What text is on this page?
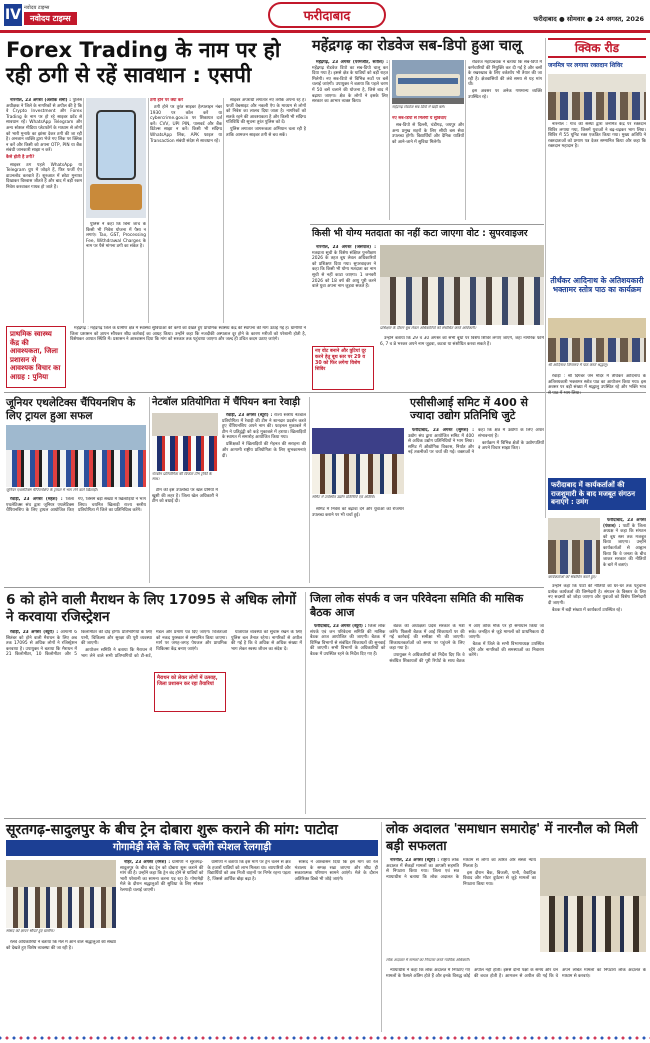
IV नवोदय टाइम्स
नवोदय टाइम्स	फरीदाबाद	फरीदाबाद ● सोमवार ● 24 अगस्त, 2026
Forex Trading के नाम पर हो रही ठगी से रहें सावधान : एसपी

नारनौल, 23 अगस्त (अशोक शर्मा) : पुलिस अधीक्षक ने जिले के नागरिकों से अपील की है कि वे Crypto Investment और Forex Trading के नाम पर हो रहे साइबर फ्रॉड से सावधान रहें। WhatsApp Telegram और अन्य सोशल मीडिया प्लेटफॉर्म के माध्यम से लोगों को भारी मुनाफे का झांसा देकर ठगी की जा रही है। अनजान व्यक्ति द्वारा भेजे गए लिंक पर क्लिक न करें और किसी को अपना OTP, PIN या बैंक संबंधी जानकारी साझा न करें।

कैसे होती है ठगी?

साइबर ठग पहले WhatsApp या Telegram ग्रुप में जोड़ते हैं, फिर फर्जी ऐप डाउनलोड करवाते हैं। शुरुआत में छोटा मुनाफा दिखाकर विश्वास जीतते हैं और बाद में बड़ी रकम निवेश करवाकर गायब हो जाते हैं।

पुलिस ने कहा कि बिना जांच के किसी भी निवेश योजना में पैसा न लगाएं। Tax, GST, Processing Fee, Withdrawal Charges के नाम पर पैसे मांगना ठगी का संकेत है।

ठगी होने पर क्या करें

ठगी होने पर तुरंत साइबर हेल्पलाइन नंबर 1930 पर कॉल करें या cybercrime.gov.in पर शिकायत दर्ज करें। CVV, UPI PIN, पासवर्ड और बैंक डिटेल्स साझा न करें। किसी भी संदिग्ध WhatsApp लिंक, APK फाइल या Transaction संबंधी संदेश से सावधान रहें।

साइबर अपराधी लगातार नए तरीके अपना रहे हैं। फर्जी वेबसाइट और नकली ऐप के माध्यम से लोगों को निवेश का लालच दिया जाता है। नागरिकों को सतर्क रहने की आवश्यकता है और किसी भी संदिग्ध गतिविधि की सूचना तुरंत पुलिस को दें।

पुलिस लगातार जागरूकता अभियान चला रही है ताकि आमजन साइबर ठगी से बच सकें।

प्राथमिक स्वास्थ्य केंद्र की आवश्यकता, जिला प्रशासन से आवश्यक विचार का आग्रह : पुनिया

महेंद्रगढ़ : महेंद्रगढ़ जिले के ग्रामीण क्षेत्र में स्वास्थ्य सुविधाओं की कमी को देखते हुए प्राथमिक स्वास्थ्य केंद्र की स्थापना की मांग उठाई गई है। ग्रामीणों ने जिला प्रशासन को ज्ञापन सौंपकर शीघ्र कार्रवाई का आग्रह किया। उन्होंने कहा कि नजदीकी अस्पताल दूर होने के कारण मरीजों को परेशानी होती है, विशेषकर आपात स्थिति में। प्रशासन ने आश्वासन दिया कि मांग को सरकार तक पहुंचाया जाएगा और जल्द ही उचित कदम उठाए जाएंगे।

महेंद्रगढ़ का रोडवेज सब-डिपो हुआ चालू

महेंद्रगढ़, 23 अगस्त (परमजीत, सतीश) : महेंद्रगढ़ रोडवेज डिपो का सब-डिपो चालू कर दिया गया है। इससे क्षेत्र के यात्रियों को बड़ी राहत मिलेगी। नए सब-डिपो से विभिन्न रूटों पर बसें चलाई जाएंगी। उपायुक्त ने बताया कि पहले चरण में 50 बसें चलाने की योजना है, जिसे बाद में बढ़ाया जाएगा। क्षेत्र के लोगों ने इसके लिए सरकार का आभार व्यक्त किया।

महेंद्रगढ़ रोडवेज सब-डिपो में खड़ी बसें।

नए सब-डिपो से मिलेंगी ये सुविधाएं

सब-डिपो से दिल्ली, चंडीगढ़, जयपुर और अन्य प्रमुख शहरों के लिए सीधी बस सेवा उपलब्ध होगी। विद्यार्थियों और दैनिक यात्रियों को आने-जाने में सुविधा मिलेगी।

रोडवेज महाप्रबंधक ने बताया कि सब-डिपो में कर्मचारियों की नियुक्ति कर दी गई है और बसों के रखरखाव के लिए वर्कशॉप भी तैयार की जा रही है। क्षेत्रवासियों की लंबे समय से यह मांग थी।

इस अवसर पर अनेक गणमान्य व्यक्ति उपस्थित रहे।

क्विक रीड
जनमित्र पर लगाया रक्तदान शिविर

नारनौल : गांव की संस्था द्वारा जनमित्र केंद्र पर रक्तदान शिविर लगाया गया, जिसमें युवाओं ने बढ़-चढ़कर भाग लिया। शिविर में 55 यूनिट रक्त एकत्रित किया गया। मुख्य अतिथि ने रक्तदाताओं को प्रमाण पत्र देकर सम्मानित किया और कहा कि रक्तदान महादान है।

तीर्थंकर आदिनाथ के अतिशयकारी भक्तामर स्तोत्र पाठ का कार्यक्रम
श्री आदिनाथ जिनालय में पाठ करते श्रद्धालु।

रेवाड़ी : श्री दिगंबर जैन मंदिर में तीर्थंकर आदिनाथ के अतिशयकारी भक्तामर स्तोत्र पाठ का आयोजन किया गया। इस अवसर पर बड़ी संख्या में श्रद्धालु उपस्थित रहे और भक्ति भाव से पाठ में भाग लिया।

किसी भी योग्य मतदाता का नहीं कटा जाएगा वोट : सुपरवाइजर

नारनौल, 23 अगस्त (जसपाल) : मतदाता सूची के विशेष संक्षिप्त पुनरीक्षण 2026 के तहत बूथ लेवल अधिकारियों को प्रशिक्षण दिया गया। सुपरवाइजर ने कहा कि किसी भी योग्य मतदाता का नाम सूची से नहीं काटा जाएगा। 1 जनवरी 2026 को 18 वर्ष की आयु पूरी करने वाले युवा अपना नाम जुड़वा सकते हैं।

नए वोट बनाने और त्रुटियां दूर करने हेतु बूथ स्तर पर 29 व 30 को फिर लगेगा विशेष शिविर
प्रशिक्षण के दौरान बूथ लेवल अधिकारियों को संबोधित करते अधिकारी।

उन्होंने बताया कि 29 व 30 अगस्त को सभी बूथों पर विशेष शिविर लगाए जाएंगे, जहां नागरिक फॉर्म 6, 7 व 8 भरकर अपने नाम जुड़वा, कटवा या संशोधित करवा सकते हैं।

जूनियर एथलेटिक्स चैंपियनशिप के लिए ट्रायल हुआ सफल
जूनियर एथलेटिक्स चैंपियनशिप के ट्रायल में भाग लेने वाले खिलाड़ी।

रेवाड़ी, 23 अगस्त (महेश) : जिला एथलेटिक्स संघ द्वारा जूनियर एथलेटिक्स चैंपियनशिप के लिए ट्रायल आयोजित किए गए, जिसमें बड़ी संख्या में खिलाड़ियों ने भाग लिया। चयनित खिलाड़ी राज्य स्तरीय प्रतियोगिता में जिले का प्रतिनिधित्व करेंगे।

नेटबॉल प्रतियोगिता में चैंपियन बना रेवाड़ी

रेवाड़ी, 23 अगस्त (ब्यूरो) : राज्य स्तरीय नेटबॉल प्रतियोगिता में रेवाड़ी की टीम ने शानदार प्रदर्शन करते हुए चैंपियनशिप अपने नाम की। फाइनल मुकाबले में टीम ने प्रतिद्वंद्वी को कड़े मुकाबले में हराया। खिलाड़ियों के स्वागत में समारोह आयोजित किया गया।

प्रशिक्षकों ने खिलाड़ियों की मेहनत की सराहना की और आगामी राष्ट्रीय प्रतियोगिता के लिए शुभकामनाएं दीं।

नेटबॉल प्रतियोगिता की विजेता टीम ट्रॉफी के साथ।

टीम की इस उपलब्धि पर खेल प्रेमियों में खुशी की लहर है। जिला खेल अधिकारी ने टीम को बधाई दी।

एसीसीआई समिट में 400 से ज्यादा उद्योग प्रतिनिधि जुटे
समिट में उपस्थित उद्योग प्रतिनिधि एवं अतिथि।

फरीदाबाद, 23 अगस्त (सुमेश) : उद्योग संघ द्वारा आयोजित समिट में 400 से अधिक उद्योग प्रतिनिधियों ने भाग लिया। समिट में औद्योगिक विकास, निर्यात और नई तकनीकों पर चर्चा की गई। वक्ताओं ने कहा कि क्षेत्र में उद्योगों के लिए अपार संभावनाएं हैं।

कार्यक्रम में विभिन्न क्षेत्रों के उद्योगपतियों ने अपने विचार साझा किए।

समिट में निवेश को बढ़ावा देने और युवाओं को रोजगार उपलब्ध कराने पर भी चर्चा हुई।

फरीदाबाद में कार्यकर्ताओं की राजशुमारी के बाद मजबूत संगठन बनाएंगे : उमंग

फरीदाबाद, 23 अगस्त (पंकज) : पार्टी के जिला अध्यक्ष ने कहा कि संगठन को बूथ स्तर तक मजबूत किया जाएगा। उन्होंने कार्यकर्ताओं से आह्वान किया कि वे जनता के बीच जाकर सरकार की नीतियों के बारे में बताएं।

कार्यकर्ताओं को संबोधित करते हुए।

उन्होंने कहा कि पार्टी की नीतियों को घर-घर तक पहुंचाना प्रत्येक कार्यकर्ता की जिम्मेदारी है। संगठन के विस्तार के लिए नए सदस्यों को जोड़ा जाएगा और युवाओं को विशेष जिम्मेदारी दी जाएगी।

बैठक में बड़ी संख्या में कार्यकर्ता उपस्थित रहे।

6 को होने वाली मैराथन के लिए 17095 से अधिक लोगों ने करवाया रजिस्ट्रेशन

रेवाड़ी, 23 अगस्त (ब्यूरो) : आगामी 6 सितंबर को होने वाली मैराथन के लिए अब तक 17095 से अधिक लोगों ने रजिस्ट्रेशन करवाया है। उपायुक्त ने बताया कि मैराथन में 21 किलोमीटर, 10 किलोमीटर और 5 किलोमीटर की दौड़ होगी। प्रतिभागियों के लिए पानी, चिकित्सा और सुरक्षा की पूरी व्यवस्था की जाएगी।

आयोजन समिति ने बताया कि मैराथन में भाग लेने वाले सभी प्रतिभागियों को टी-शर्ट, मेडल और प्रमाण पत्र दिए जाएंगे। विजेताओं को नकद पुरस्कार से सम्मानित किया जाएगा। मार्ग पर जगह-जगह पेयजल और प्राथमिक चिकित्सा केंद्र बनाए जाएंगे।

यातायात व्यवस्था को सुचारु रखने के लिए पुलिस बल तैनात रहेगा। नागरिकों से अपील की गई है कि वे अधिक से अधिक संख्या में भाग लेकर स्वस्थ जीवन का संदेश दें।

मैराथन को लेकर लोगों में उत्साह, जिला प्रशासन कर रहा तैयारियां
जिला लोक संपर्क व जन परिवेदना समिति की मासिक बैठक आज

फरीदाबाद, 23 अगस्त (ब्यूरो) : जिला लोक संपर्क एवं जन परिवेदना समिति की मासिक बैठक आज आयोजित की जाएगी। बैठक में विभिन्न विभागों से संबंधित शिकायतों की सुनवाई की जाएगी। सभी विभागों के अधिकारियों को बैठक में उपस्थित रहने के निर्देश दिए गए हैं।

बैठक की अध्यक्षता प्रदेश सरकार के मंत्री करेंगे। पिछली बैठक में आई शिकायतों पर की गई कार्रवाई की समीक्षा भी की जाएगी। शिकायतकर्ताओं को समय पर पहुंचने के लिए कहा गया है।

उपायुक्त ने अधिकारियों को निर्देश दिए कि वे संबंधित शिकायतों की पूरी रिपोर्ट के साथ बैठक में आएं ताकि मौके पर ही समाधान किया जा सके। जनहित से जुड़े मामलों को प्राथमिकता दी जाएगी।

बैठक में जिले के सभी विभागाध्यक्ष उपस्थित रहेंगे और नागरिकों की समस्याओं का निवारण करेंगे।

सूरतगढ़-सादुलपुर के बीच ट्रेन दोबारा शुरू कराने की मांग: पाटोदा
गोगामेड़ी मेले के लिए चलेगी स्पेशल रेलगाड़ी
सांसद को ज्ञापन सौंपते हुए ग्रामीण।

नोहर, 23 अगस्त (रमेश) : ग्रामीणों ने सूरतगढ़-सादुलपुर के बीच बंद ट्रेन को दोबारा शुरू कराने की मांग की है। उन्होंने कहा कि ट्रेन बंद होने से यात्रियों को भारी परेशानी का सामना करना पड़ रहा है। गोगामेड़ी मेले के दौरान श्रद्धालुओं की सुविधा के लिए स्पेशल रेलगाड़ी चलाई जाएगी।

ग्रामीणों ने बताया कि इस मार्ग पर ट्रेन चलने से क्षेत्र के हजारों यात्रियों को लाभ मिलता था। व्यापारियों और विद्यार्थियों को अब निजी वाहनों पर निर्भर रहना पड़ता है, जिससे आर्थिक बोझ बढ़ा है।

सांसद ने आश्वासन दिया कि इस मांग को रेल मंत्रालय के समक्ष रखा जाएगा और शीघ्र ही सकारात्मक परिणाम सामने आएंगे। मेले के दौरान अतिरिक्त डिब्बे भी जोड़े जाएंगे।

रेलवे अधिकारियों ने बताया कि मेले में आने वाले श्रद्धालुओं की संख्या को देखते हुए विशेष व्यवस्था की जा रही है।

लोक अदालत 'समाधान समारोह' में नारनौल को मिली बड़ी सफलता

नारनौल, 23 अगस्त (ब्यूरो) : राष्ट्रीय लोक अदालत में सैकड़ों मामलों का आपसी सहमति से निपटारा किया गया। जिला एवं सत्र न्यायाधीश ने बताया कि लोक अदालत के माध्यम से लोगों को त्वरित और सस्ता न्याय मिलता है।

इस दौरान बैंक, बिजली, पानी, वैवाहिक विवाद और मोटर दुर्घटना से जुड़े मामलों का निपटारा किया गया।

लोक अदालत में मामलों का निपटारा करते न्यायिक अधिकारी।

न्यायाधीश ने कहा कि लोक अदालत में निपटाए गए मामलों के फैसले अंतिम होते हैं और इनके विरुद्ध कोई अपील नहीं होती। इससे दोनों पक्षों के समय और धन की बचत होती है। आमजन से अपील की गई कि वे अपने लंबित मामलों का निपटारा लोक अदालत के माध्यम से करवाएं।
